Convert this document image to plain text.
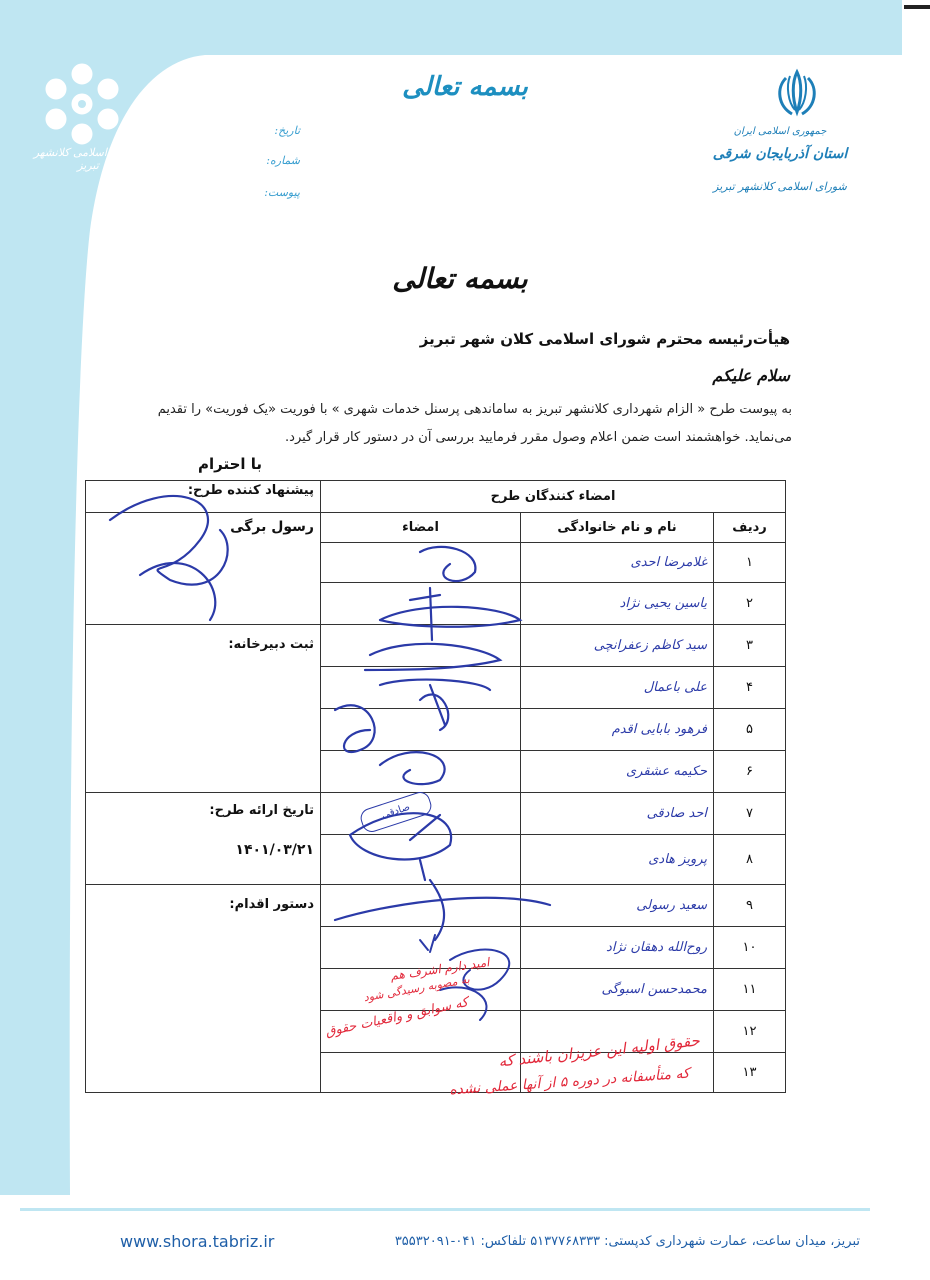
شورای اسلامی کلانشهر تبریز
بسمه تعالی
تاریخ:
شماره:
پیوست:
جمهوری اسلامی ایران
استان آذربایجان شرقی
شورای اسلامی کلانشهر تبریز
بسمه تعالی
هیأت‌رئیسه محترم شورای اسلامی کلان شهر تبریز
سلام علیکم
به پیوست طرح « الزام شهرداری کلانشهر تبریز به ساماندهی پرسنل خدمات شهری » با فوریت «یک فوریت» را تقدیم
می‌نماید. خواهشمند است ضمن اعلام وصول مقرر فرمایید بررسی آن در دستور کار قرار گیرد.
با احترام
امضاء کنندگان طرح			پیشنهاد کننده طرح:
ردیف	نام و نام خانوادگی	امضاء	رسول برگی
۱	غلامرضا احدی		
۲	یاسین یحیی نژاد		
۳	سید کاظم زعفرانچی		ثبت دبیرخانه:
۴	علی باعمال		
۵	فرهود بابایی اقدم		
۶	حکیمه عشقری		
۷	احد صادقی		تاریخ ارائه طرح:
۱۴۰۱/۰۳/۲۱

۸	پرویز هادی		
۹	سعید رسولی		دستور اقدام:
۱۰	روح‌الله دهقان نژاد		
۱۱	محمدحسن اسبوگی		
۱۲			
۱۳			
صادقی
امید دارم اشرف هم
به مصوبه رسیدگی شود
که سوابق و واقعیات حقوق
حقوق اولیه این عزیزان باشند که
که متأسفانه در دوره ۵ از آنها عملی نشده
www.shora.tabriz.ir	تبریز، میدان ساعت، عمارت شهرداری کدپستی: ۵۱۳۷۷۶۸۳۳۳ تلفاکس: ۰۴۱-۳۵۵۳۲۰۹۱
